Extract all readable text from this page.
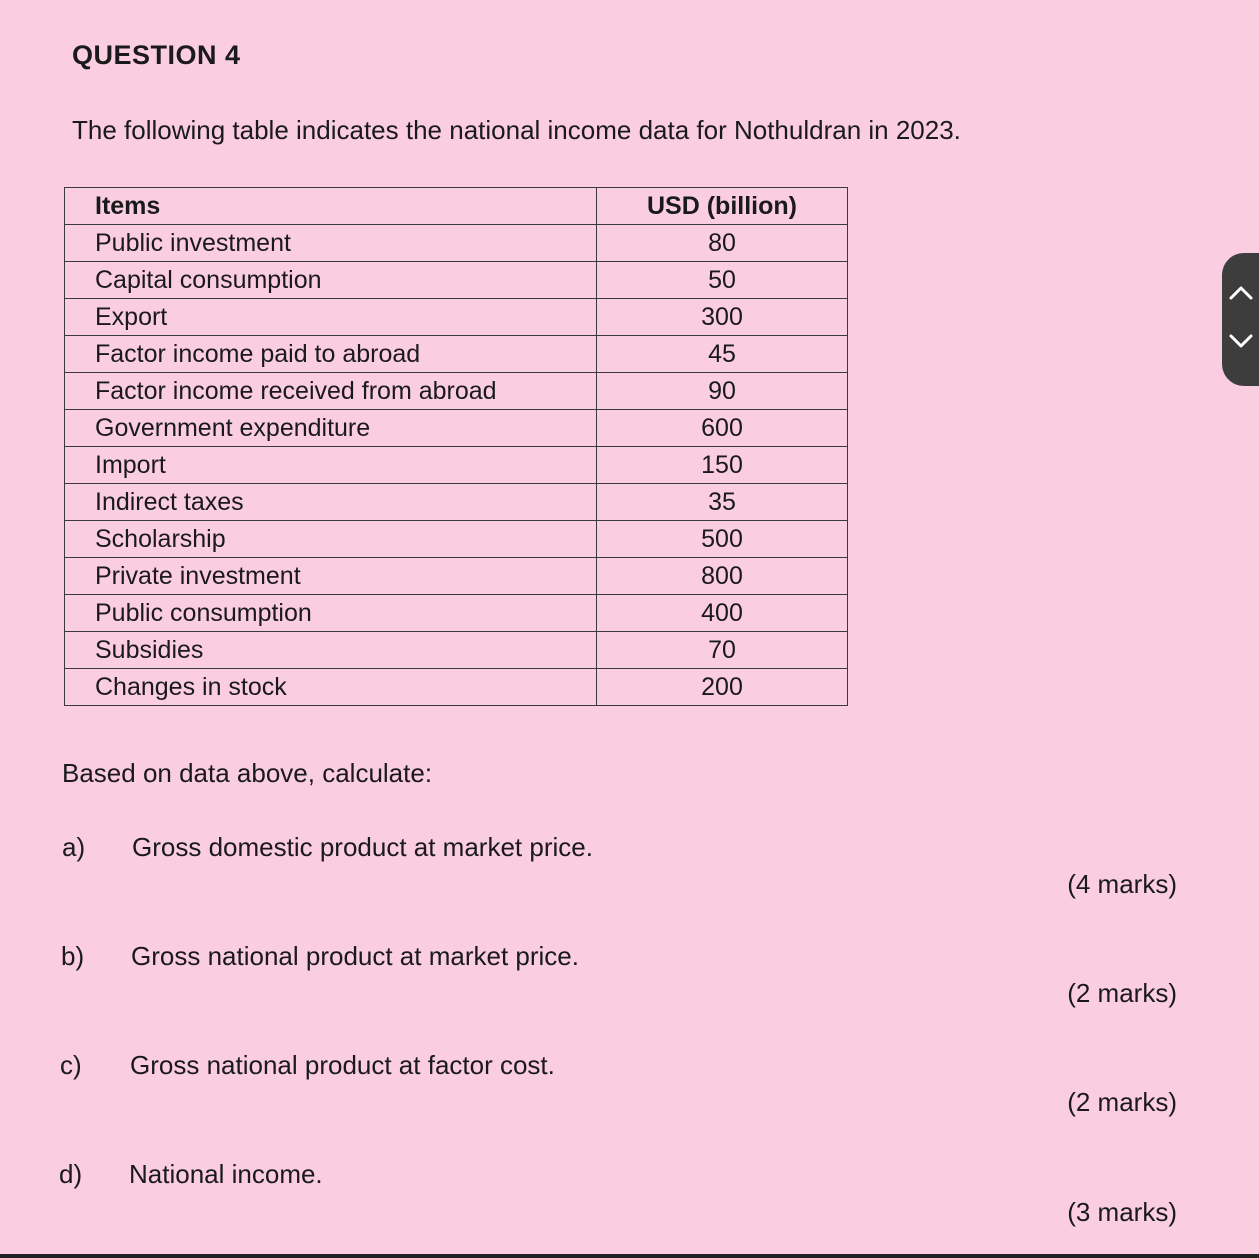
QUESTION 4
The following table indicates the national income data for Nothuldran in 2023.
Items	USD (billion)
Public investment	80
Capital consumption	50
Export	300
Factor income paid to abroad	45
Factor income received from abroad	90
Government expenditure	600
Import	150
Indirect taxes	35
Scholarship	500
Private investment	800
Public consumption	400
Subsidies	70
Changes in stock	200
Based on data above, calculate:
a) Gross domestic product at market price.
(4 marks)
b) Gross national product at market price.
(2 marks)
c) Gross national product at factor cost.
(2 marks)
d) National income.
(3 marks)
